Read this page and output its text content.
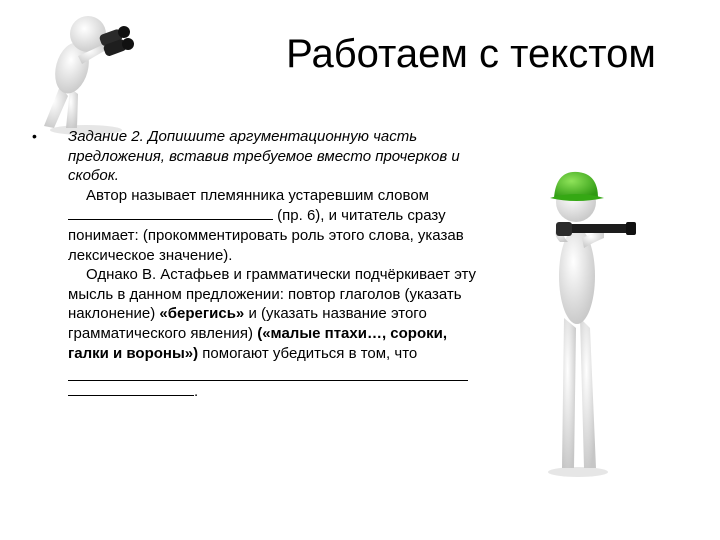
Работаем с текстом
• Задание 2. Допишите аргументационную часть предложения, вставив требуемое вместо прочерков и скобок.

Автор называет племянника устаревшим словом  (пр. 6), и читатель сразу понимает: (прокомментировать роль этого слова, указав лексическое значение).

Однако В. Астафьев и грамматически подчёркивает эту мысль в данном предложении: повтор глаголов (указать наклонение) «берегись» и (указать название этого грамматического явления) («малые птахи…, сороки, галки и вороны») помогают убедиться в том, что

.
